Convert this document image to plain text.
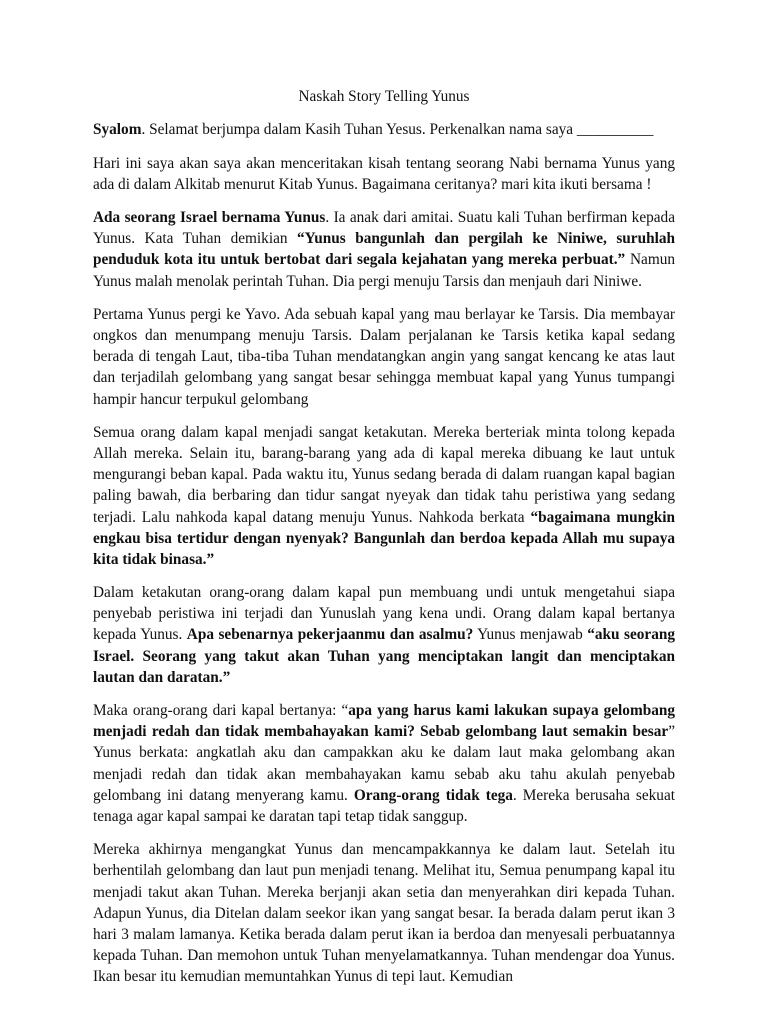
Naskah Story Telling Yunus

Syalom. Selamat berjumpa dalam Kasih Tuhan Yesus. Perkenalkan nama saya __________

Hari ini saya akan saya akan menceritakan kisah tentang seorang Nabi bernama Yunus yang ada di dalam Alkitab menurut Kitab Yunus. Bagaimana ceritanya? mari kita ikuti bersama !

Ada seorang Israel bernama Yunus. Ia anak dari amitai. Suatu kali Tuhan berfirman kepada Yunus. Kata Tuhan demikian “Yunus bangunlah dan pergilah ke Niniwe, suruhlah penduduk kota itu untuk bertobat dari segala kejahatan yang mereka perbuat.” Namun Yunus malah menolak perintah Tuhan. Dia pergi menuju Tarsis dan menjauh dari Niniwe.

Pertama Yunus pergi ke Yavo. Ada sebuah kapal yang mau berlayar ke Tarsis. Dia membayar ongkos dan menumpang menuju Tarsis. Dalam perjalanan ke Tarsis ketika kapal sedang berada di tengah Laut, tiba-tiba Tuhan mendatangkan angin yang sangat kencang ke atas laut dan terjadilah gelombang yang sangat besar sehingga membuat kapal yang Yunus tumpangi hampir hancur terpukul gelombang

Semua orang dalam kapal menjadi sangat ketakutan. Mereka berteriak minta tolong kepada Allah mereka. Selain itu, barang-barang yang ada di kapal mereka dibuang ke laut untuk mengurangi beban kapal. Pada waktu itu, Yunus sedang berada di dalam ruangan kapal bagian paling bawah, dia berbaring dan tidur sangat nyeyak dan tidak tahu peristiwa yang sedang terjadi. Lalu nahkoda kapal datang menuju Yunus. Nahkoda berkata “bagaimana mungkin engkau bisa tertidur dengan nyenyak? Bangunlah dan berdoa kepada Allah mu supaya kita tidak binasa.”

Dalam ketakutan orang-orang dalam kapal pun membuang undi untuk mengetahui siapa penyebab peristiwa ini terjadi dan Yunuslah yang kena undi. Orang dalam kapal bertanya kepada Yunus. Apa sebenarnya pekerjaanmu dan asalmu? Yunus menjawab “aku seorang Israel. Seorang yang takut akan Tuhan yang menciptakan langit dan menciptakan lautan dan daratan.”

Maka orang-orang dari kapal bertanya: “apa yang harus kami lakukan supaya gelombang menjadi redah dan tidak membahayakan kami? Sebab gelombang laut semakin besar” Yunus berkata: angkatlah aku dan campakkan aku ke dalam laut maka gelombang akan menjadi redah dan tidak akan membahayakan kamu sebab aku tahu akulah penyebab gelombang ini datang menyerang kamu. Orang-orang tidak tega. Mereka berusaha sekuat tenaga agar kapal sampai ke daratan tapi tetap tidak sanggup.

Mereka akhirnya mengangkat Yunus dan mencampakkannya ke dalam laut. Setelah itu berhentilah gelombang dan laut pun menjadi tenang. Melihat itu, Semua penumpang kapal itu menjadi takut akan Tuhan. Mereka berjanji akan setia dan menyerahkan diri kepada Tuhan. Adapun Yunus, dia Ditelan dalam seekor ikan yang sangat besar. Ia berada dalam perut ikan 3 hari 3 malam lamanya. Ketika berada dalam perut ikan ia berdoa dan menyesali perbuatannya kepada Tuhan. Dan memohon untuk Tuhan menyelamatkannya. Tuhan mendengar doa Yunus. Ikan besar itu kemudian memuntahkan Yunus di tepi laut. Kemudian
